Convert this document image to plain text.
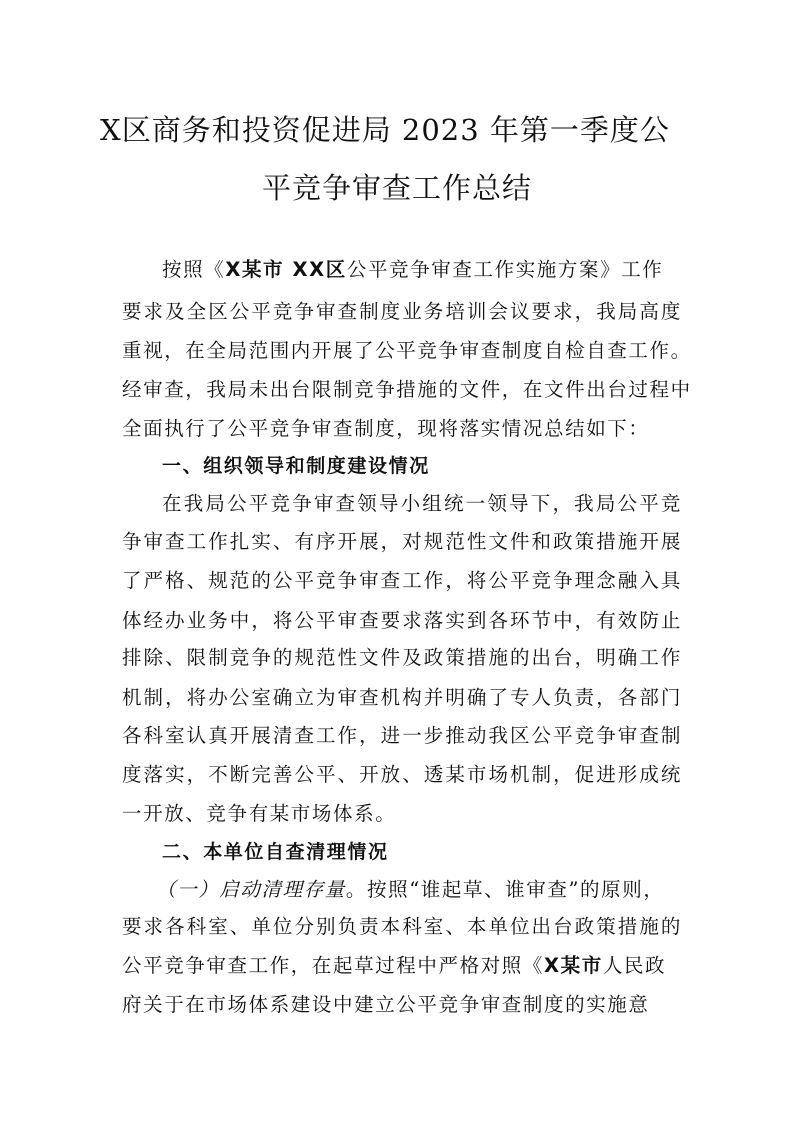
X区商务和投资促进局 2023 年第一季度公
平竞争审查工作总结
按照《X某市 XX区公平竞争审查工作实施方案》工作
要求及全区公平竞争审查制度业务培训会议要求，我局高度
重视，在全局范围内开展了公平竞争审查制度自检自查工作。
经审查，我局未出台限制竞争措施的文件，在文件出台过程中
全面执行了公平竞争审查制度，现将落实情况总结如下：
一、组织领导和制度建设情况
在我局公平竞争审查领导小组统一领导下，我局公平竞
争审查工作扎实、有序开展，对规范性文件和政策措施开展
了严格、规范的公平竞争审查工作，将公平竞争理念融入具
体经办业务中，将公平审查要求落实到各环节中，有效防止
排除、限制竞争的规范性文件及政策措施的出台，明确工作
机制，将办公室确立为审查机构并明确了专人负责，各部门
各科室认真开展清查工作，进一步推动我区公平竞争审查制
度落实，不断完善公平、开放、透某市场机制，促进形成统
一开放、竞争有某市场体系。
二、本单位自查清理情况
（一）启动清理存量。按照“谁起草、谁审查”的原则，
要求各科室、单位分别负责本科室、本单位出台政策措施的
公平竞争审查工作，在起草过程中严格对照《X某市人民政
府关于在市场体系建设中建立公平竞争审查制度的实施意
